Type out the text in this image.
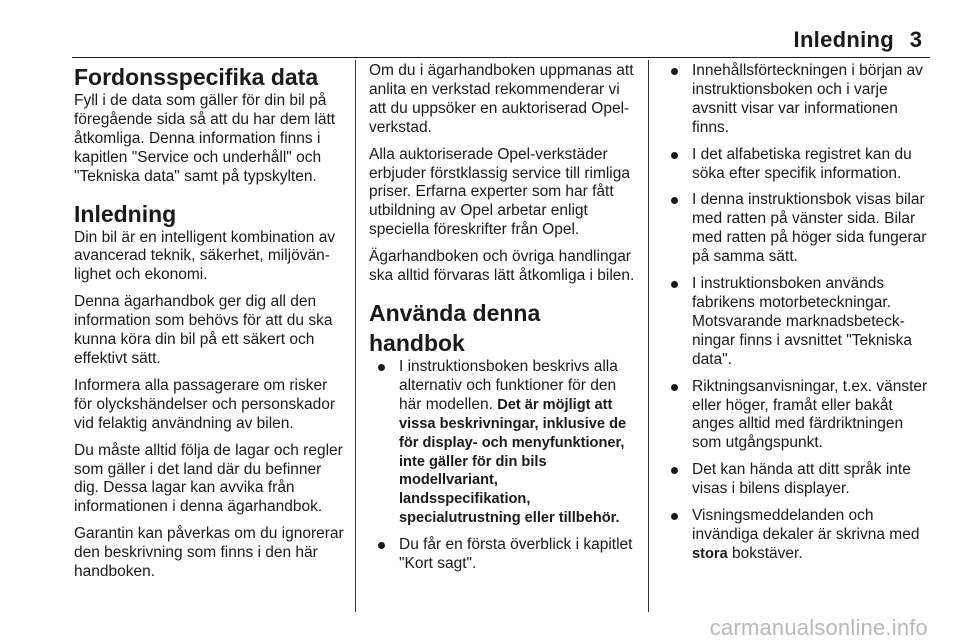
Inledning 3
Fordonsspecifika data

Fyll i de data som gäller för din bil på föregående sida så att du har dem lätt åtkomliga. Denna information finns i kapitlen "Service och underhåll" och "Tekniska data" samt på typskylten.

Inledning

Din bil är en intelligent kombination av avancerad teknik, säkerhet, miljövänlighet och ekonomi.

Denna ägarhandbok ger dig all den information som behövs för att du ska kunna köra din bil på ett säkert och effektivt sätt.

Informera alla passagerare om risker för olyckshändelser och personskador vid felaktig användning av bilen.

Du måste alltid följa de lagar och regler som gäller i det land där du befinner dig. Dessa lagar kan avvika från informationen i denna ägarhandbok.

Garantin kan påverkas om du ignorerar den beskrivning som finns i den här handboken.

Om du i ägarhandboken uppmanas att anlita en verkstad rekommenderar vi att du uppsöker en auktoriserad Opel-verkstad.

Alla auktoriserade Opel-verkstäder erbjuder förstklassig service till rimliga priser. Erfarna experter som har fått utbildning av Opel arbetar enligt speciella föreskrifter från Opel.

Ägarhandboken och övriga handlingar ska alltid förvaras lätt åtkomliga i bilen.

Använda denna handbok
I instruktionsboken beskrivs alla alternativ och funktioner för den här modellen. Det är möjligt att vissa beskrivningar, inklusive de för display- och menyfunktioner, inte gäller för din bils
modellvariant,
landsspecifikation,
specialutrustning eller tillbehör.
Du får en första överblick i kapitlet "Kort sagt".
Innehållsförteckningen i början av instruktionsboken och i varje avsnitt visar var informationen finns.
I det alfabetiska registret kan du söka efter specifik information.
I denna instruktionsbok visas bilar med ratten på vänster sida. Bilar med ratten på höger sida fungerar på samma sätt.
I instruktionsboken används fabrikens motorbeteckningar. Motsvarande marknadsbeteckningar finns i avsnittet "Tekniska data".
Riktningsanvisningar, t.ex. vänster eller höger, framåt eller bakåt anges alltid med färdriktningen som utgångspunkt.
Det kan hända att ditt språk inte visas i bilens displayer.
Visningsmeddelanden och invändiga dekaler är skrivna med stora bokstäver.
carmanualsonline.info
